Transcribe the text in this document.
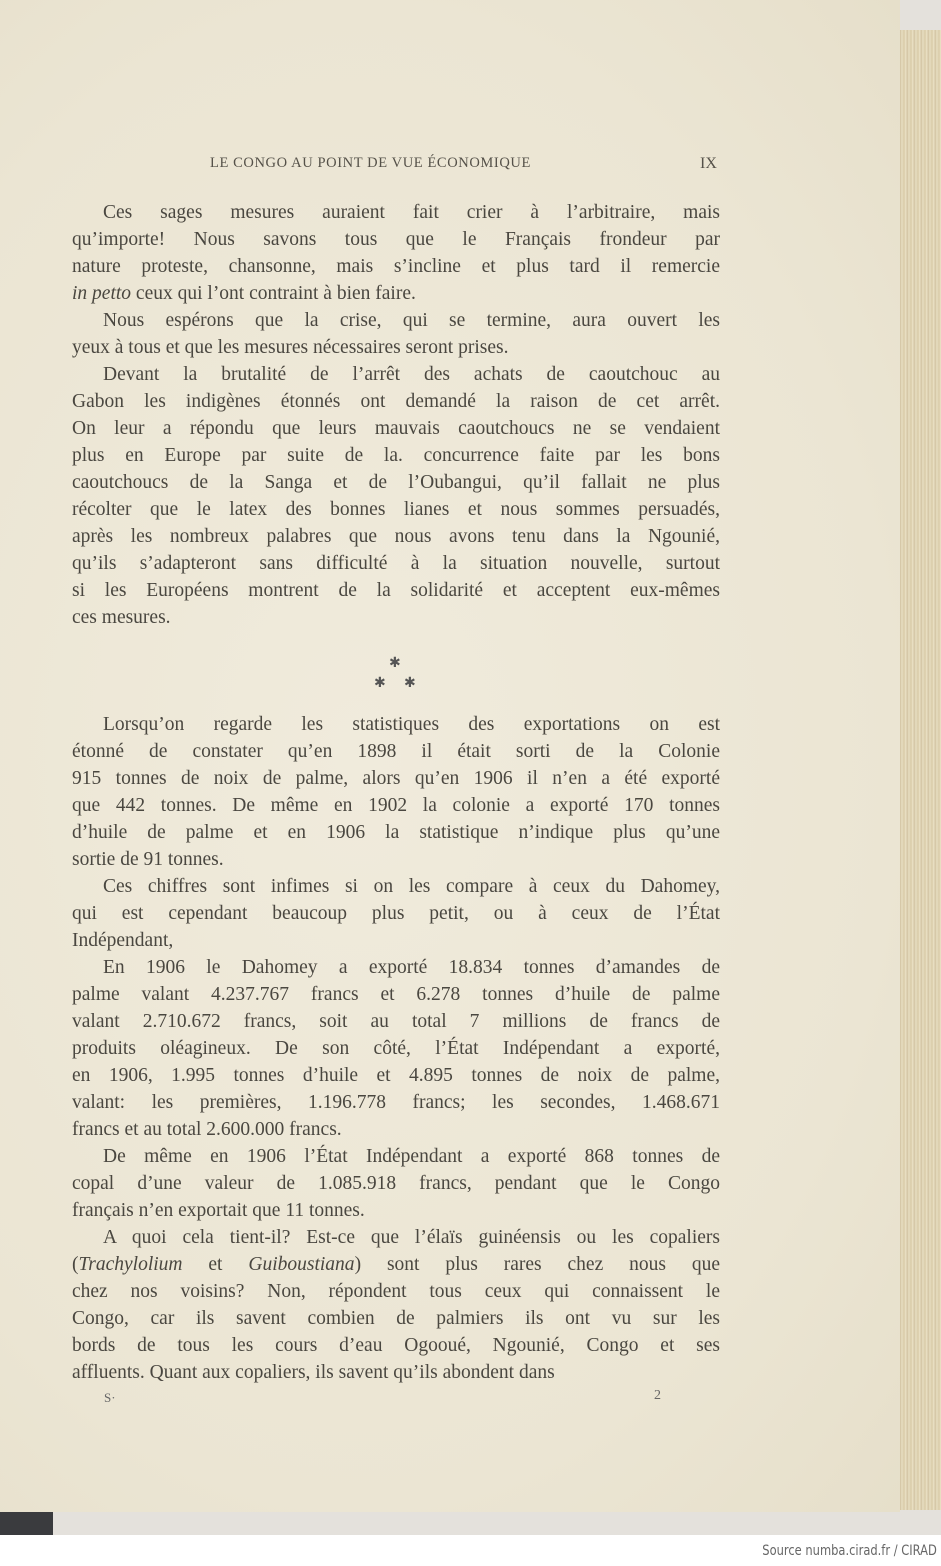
LE CONGO AU POINT DE VUE ÉCONOMIQUE	IX
Ces sages mesures auraient fait crier à l’arbitraire, mais
qu’importe! Nous savons tous que le Français frondeur par
nature proteste, chansonne, mais s’incline et plus tard il remercie
in petto ceux qui l’ont contraint à bien faire.
Nous espérons que la crise, qui se termine, aura ouvert les
yeux à tous et que les mesures nécessaires seront prises.
Devant la brutalité de l’arrêt des achats de caoutchouc au
Gabon les indigènes étonnés ont demandé la raison de cet arrêt.
On leur a répondu que leurs mauvais caoutchoucs ne se vendaient
plus en Europe par suite de la. concurrence faite par les bons
caoutchoucs de la Sanga et de l’Oubangui, qu’il fallait ne plus
récolter que le latex des bonnes lianes et nous sommes persuadés,
après les nombreux palabres que nous avons tenu dans la Ngounié,
qu’ils s’adapteront sans difficulté à la situation nouvelle, surtout
si les Européens montrent de la solidarité et acceptent eux-mêmes
ces mesures.
Lorsqu’on regarde les statistiques des exportations on est
étonné de constater qu’en 1898 il était sorti de la Colonie
915 tonnes de noix de palme, alors qu’en 1906 il n’en a été exporté
que 442 tonnes. De même en 1902 la colonie a exporté 170 tonnes
d’huile de palme et en 1906 la statistique n’indique plus qu’une
sortie de 91 tonnes.
Ces chiffres sont infimes si on les compare à ceux du Dahomey,
qui est cependant beaucoup plus petit, ou à ceux de l’État
Indépendant,
En 1906 le Dahomey a exporté 18.834 tonnes d’amandes de
palme valant 4.237.767 francs et 6.278 tonnes d’huile de palme
valant 2.710.672 francs, soit au total 7 millions de francs de
produits oléagineux. De son côté, l’État Indépendant a exporté,
en 1906, 1.995 tonnes d’huile et 4.895 tonnes de noix de palme,
valant: les premières, 1.196.778 francs; les secondes, 1.468.671
francs et au total 2.600.000 francs.
De même en 1906 l’État Indépendant a exporté 868 tonnes de
copal d’une valeur de 1.085.918 francs, pendant que le Congo
français n’en exportait que 11 tonnes.
A quoi cela tient-il? Est-ce que l’élaïs guinéensis ou les copaliers
(Trachylolium et Guiboustiana) sont plus rares chez nous que
chez nos voisins? Non, répondent tous ceux qui connaissent le
Congo, car ils savent combien de palmiers ils ont vu sur les
bords de tous les cours d’eau Ogooué, Ngounié, Congo et ses
affluents. Quant aux copaliers, ils savent qu’ils abondent dans
✱
✱ ✱
S·	2
Source numba.cirad.fr / CIRAD
